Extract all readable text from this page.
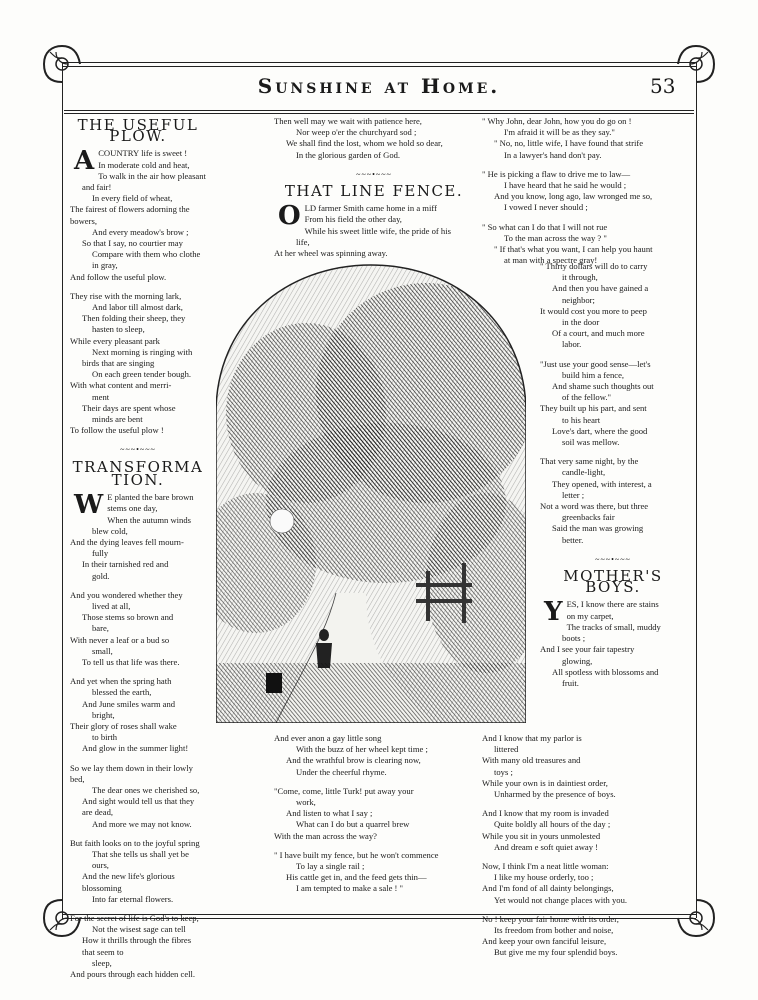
Sunshine at Home.	53
THE USEFUL PLOW.
A COUNTRY life is sweet !

In moderate cold and heat,

To walk in the air how pleasant and fair!

In every field of wheat,

The fairest of flowers adorning the bowers,

And every meadow's brow ;

So that I say, no courtier may

Compare with them who clothe in gray,

And follow the useful plow.

They rise with the morning lark,

And labor till almost dark,

Then folding their sheep, they

hasten to sleep,

While every pleasant park

Next morning is ringing with

birds that are singing

On each green tender bough.

With what content and merri-

ment

Their days are spent whose

minds are bent

To follow the useful plow !

~~~•~~~
TRANSFORMA
TION.
W E planted the bare brown

stems one day,

When the autumn winds

blew cold,

And the dying leaves fell mourn-

fully

In their tarnished red and

gold.

And you wondered whether they

lived at all,

Those stems so brown and

bare,

With never a leaf or a bud so

small,

To tell us that life was there.

And yet when the spring hath

blessed the earth,

And June smiles warm and

bright,

Their glory of roses shall wake

to birth

And glow in the summer light!

So we lay them down in their lowly bed,

The dear ones we cherished so,

And sight would tell us that they are dead,

And more we may not know.

But faith looks on to the joyful spring

That she tells us shall yet be ours,

And the new life's glorious blossoming

Into far eternal flowers.

For the secret of life is God's to keep,

Not the wisest sage can tell

How it thrills through the fibres that seem to

sleep,

And pours through each hidden cell.

Then well may we wait with patience here,

Nor weep o'er the churchyard sod ;

We shall find the lost, whom we hold so dear,

In the glorious garden of God.

~~~•~~~
THAT LINE FENCE.
O LD farmer Smith came home in a miff

From his field the other day,

While his sweet little wife, the pride of his

life,

At her wheel was spinning away.

And ever anon a gay little song

With the buzz of her wheel kept time ;

And the wrathful brow is clearing now,

Under the cheerful rhyme.

"Come, come, little Turk! put away your

work,

And listen to what I say ;

What can I do but a quarrel brew

With the man across the way?

" I have built my fence, but he won't commence

To lay a single rail ;

His cattle get in, and the feed gets thin—

I am tempted to make a sale ! "

" Why John, dear John, how you do go on !

I'm afraid it will be as they say."

" No, no, little wife, I have found that strife

In a lawyer's hand don't pay.

" He is picking a flaw to drive me to law—

I have heard that he said he would ;

And you know, long ago, law wronged me so,

I vowed I never should ;

" So what can I do that I will not rue

To the man across the way ? "

" If that's what you want, I can help you haunt

at man with a spectre gray!

" Thirty dollars will do to carry

it through,

And then you have gained a

neighbor;

It would cost you more to peep

in the door

Of a court, and much more

labor.

"Just use your good sense—let's

build him a fence,

And shame such thoughts out

of the fellow."

They built up his part, and sent

to his heart

Love's dart, where the good

soil was mellow.

That very same night, by the

candle-light,

They opened, with interest, a

letter ;

Not a word was there, but three

greenbacks fair

Said the man was growing

better.

~~~•~~~
MOTHER'S BOYS.
Y ES, I know there are stains

on my carpet,

The tracks of small, muddy

boots ;

And I see your fair tapestry

glowing,

All spotless with blossoms and

fruit.

And I know that my parlor is

littered

With many old treasures and

toys ;

While your own is in daintiest order,

Unharmed by the presence of boys.

And I know that my room is invaded

Quite boldly all hours of the day ;

While you sit in yours unmolested

And dream e soft quiet away !

Now, I think I'm a neat little woman:

I like my house orderly, too ;

And I'm fond of all dainty belongings,

Yet would not change places with you.

No ! keep your fair home with its order,

Its freedom from bother and noise,

And keep your own fanciful leisure,

But give me my four splendid boys.
